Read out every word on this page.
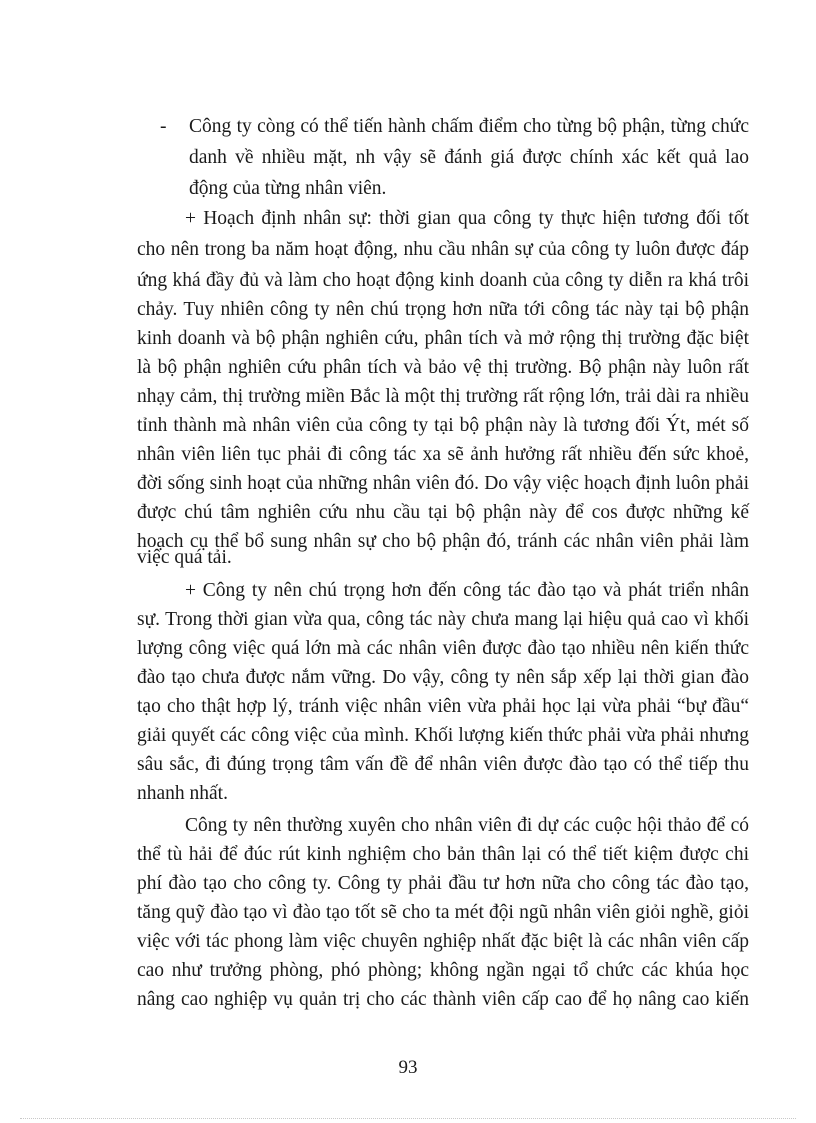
- Công ty còng có thể tiến hành chấm điểm cho từng bộ phận, từng chức
danh về nhiều mặt, nh vậy sẽ đánh giá được chính xác kết quả lao
động của từng nhân viên.
+ Hoạch định nhân sự: thời gian qua công ty thực hiện tương đối tốt
cho nên trong ba năm hoạt động, nhu cầu nhân sự của công ty luôn được đáp
ứng khá đầy đủ và làm cho hoạt động kinh doanh của công ty diễn ra khá trôi
chảy. Tuy nhiên công ty nên chú trọng hơn nữa tới công tác này tại bộ phận
kinh doanh và bộ phận nghiên cứu, phân tích và mở rộng thị trường đặc biệt
là bộ phận nghiên cứu phân tích và bảo vệ thị trường. Bộ phận này luôn rất
nhạy cảm, thị trường miền Bắc là một thị trường rất rộng lớn, trải dài ra nhiều
tỉnh thành mà nhân viên của công ty tại bộ phận này là tương đối Ýt, mét số
nhân viên liên tục phải đi công tác xa sẽ ảnh hưởng rất nhiều đến sức khoẻ,
đời sống sinh hoạt của những nhân viên đó. Do vậy việc hoạch định luôn phải
được chú tâm nghiên cứu nhu cầu tại bộ phận này để cos được những kế
hoạch cụ thể bổ sung nhân sự cho bộ phận đó, tránh các nhân viên phải làm
việc quá tải.
+ Công ty nên chú trọng hơn đến công tác đào tạo và phát triển nhân
sự. Trong thời gian vừa qua, công tác này chưa mang lại hiệu quả cao vì khối
lượng công việc quá lớn mà các nhân viên được đào tạo nhiều nên kiến thức
đào tạo chưa được nắm vững. Do vậy, công ty nên sắp xếp lại thời gian đào
tạo cho thật hợp lý, tránh việc nhân viên vừa phải học lại vừa phải “bự đầu“
giải quyết các công việc của mình. Khối lượng kiến thức phải vừa phải nhưng
sâu sắc, đi đúng trọng tâm vấn đề để nhân viên được đào tạo có thể tiếp thu
nhanh nhất.
Công ty nên thường xuyên cho nhân viên đi dự các cuộc hội thảo để có
thể tù hải để đúc rút kinh nghiệm cho bản thân lại có thể tiết kiệm được chi
phí đào tạo cho công ty. Công ty phải đầu tư hơn nữa cho công tác đào tạo,
tăng quỹ đào tạo vì đào tạo tốt sẽ cho ta mét đội ngũ nhân viên giỏi nghề, giỏi
việc với tác phong làm việc chuyên nghiệp nhất đặc biệt là các nhân viên cấp
93
cao như trưởng phòng, phó phòng; không ngần ngại tổ chức các khúa học
nâng cao nghiệp vụ quản trị cho các thành viên cấp cao để họ nâng cao kiến
